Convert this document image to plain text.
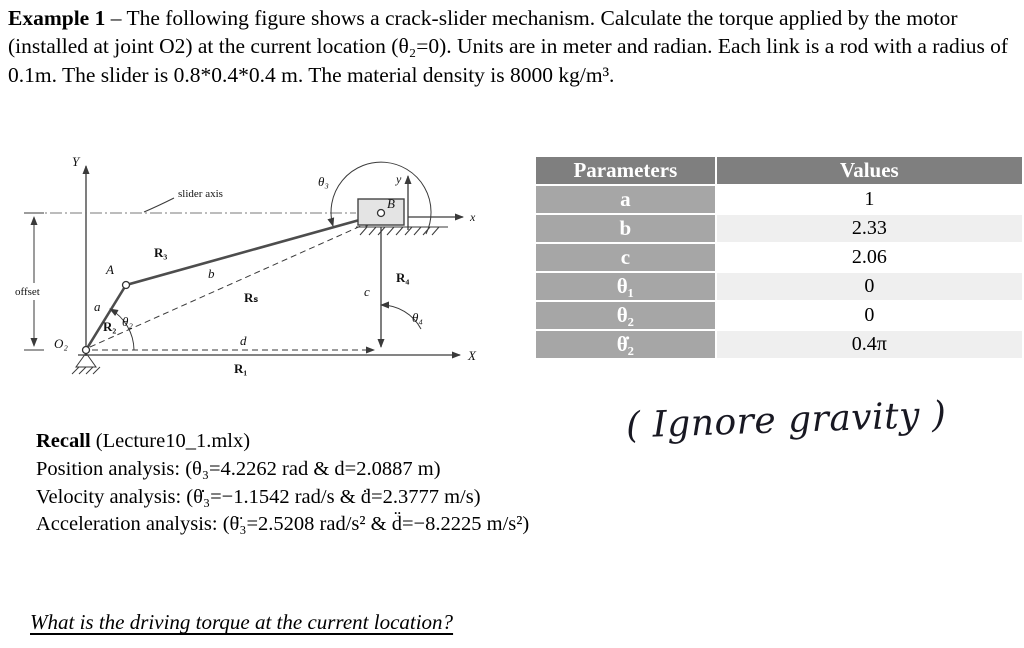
Example 1 – The following figure shows a crack-slider mechanism. Calculate the torque applied by the motor (installed at joint O2) at the current location (θ₂=0). Units are in meter and radian. Each link is a rod with a radius of 0.1m. The slider is 0.8*0.4*0.4 m. The material density is 8000 kg/m³.
Y
X
slider axis
offset
d
R₁
Rₛ
R₄
c
θ₄
θ₂
θ₃
a
R₂
R₃
b
O₂
A
B
y
x
Parameters	Values
a	1
b	2.33
c	2.06
θ₁	0
θ₂	0
θ̇₂	0.4π
Recall (Lecture10_1.mlx)
Position analysis: (θ₃=4.2262 rad & d=2.0887 m)
Velocity analysis: (θ̇₃=−1.1542 rad/s & ḋ=2.3777 m/s)
Acceleration analysis: (θ̈₃=2.5208 rad/s² & d̈=−8.2225 m/s²)
( Ignore gravity )
What is the driving torque at the current location?
